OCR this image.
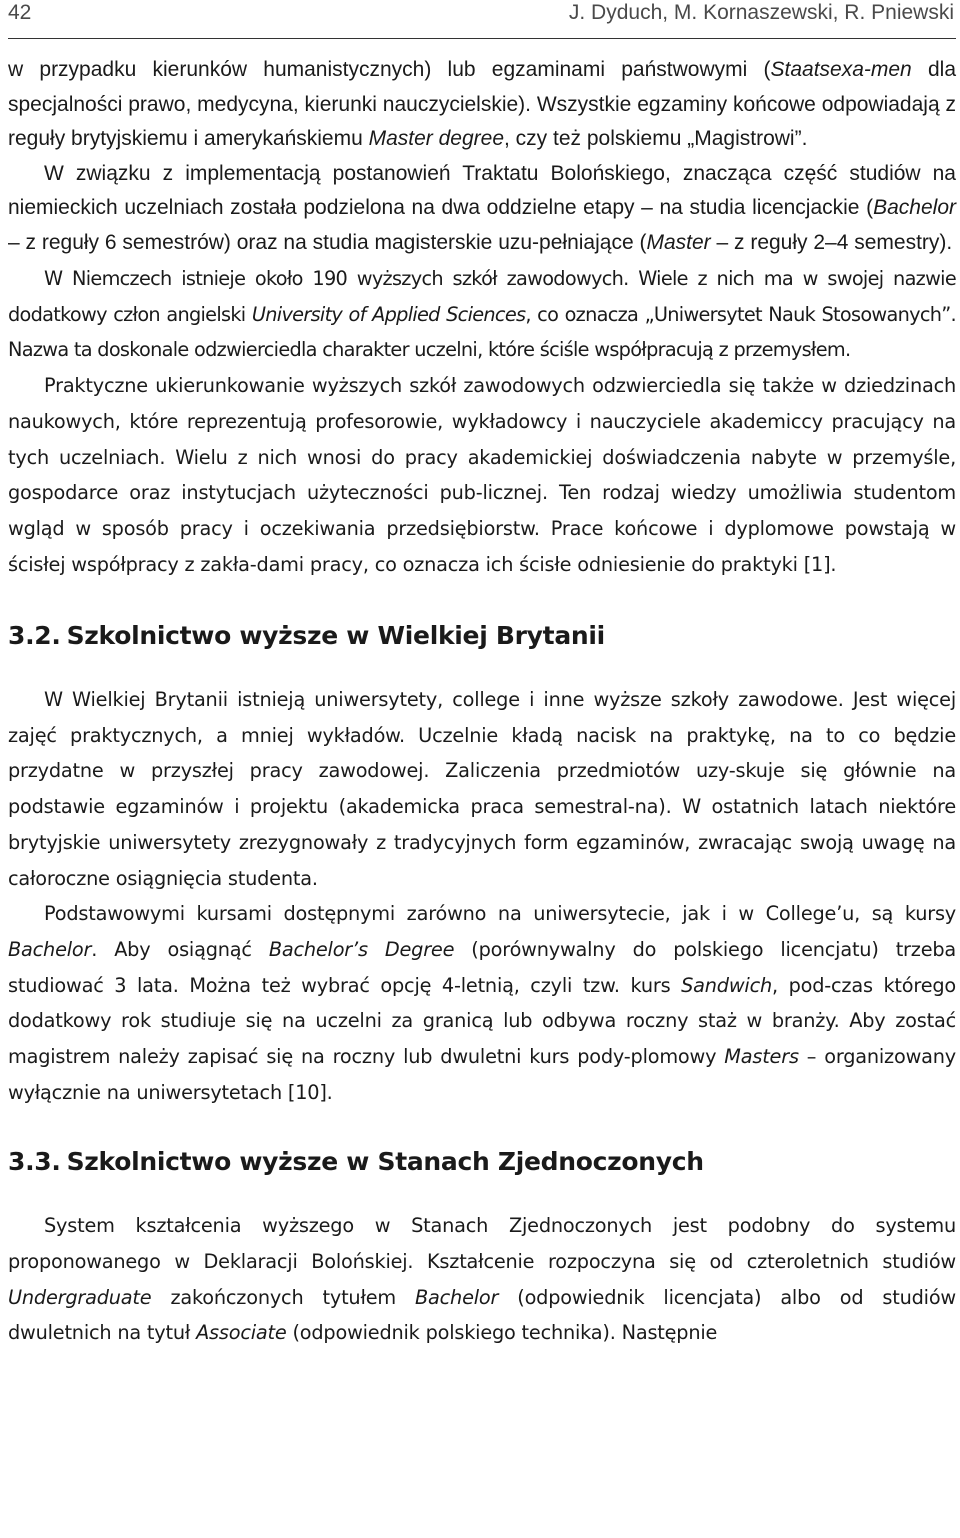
42	J. Dyduch, M. Kornaszewski, R. Pniewski

w przypadku kierunków humanistycznych) lub egzaminami państwowymi (Staatsexa-men dla specjalności prawo, medycyna, kierunki nauczycielskie). Wszystkie egzaminy końcowe odpowiadają z reguły brytyjskiemu i amerykańskiemu Master degree, czy też polskiemu „Magistrowi”.

W związku z implementacją postanowień Traktatu Bolońskiego, znacząca część studiów na niemieckich uczelniach została podzielona na dwa oddzielne etapy – na studia licencjackie (Bachelor – z reguły 6 semestrów) oraz na studia magisterskie uzu-pełniające (Master – z reguły 2–4 semestry).

W Niemczech istnieje około 190 wyższych szkół zawodowych. Wiele z nich ma w swojej nazwie dodatkowy człon angielski University of Applied Sciences, co oznacza „Uniwersytet Nauk Stosowanych”. Nazwa ta doskonale odzwierciedla charakter uczelni, które ściśle współpracują z przemysłem.

Praktyczne ukierunkowanie wyższych szkół zawodowych odzwierciedla się także w dziedzinach naukowych, które reprezentują profesorowie, wykładowcy i nauczyciele akademiccy pracujący na tych uczelniach. Wielu z nich wnosi do pracy akademickiej doświadczenia nabyte w przemyśle, gospodarce oraz instytucjach użyteczności pub-licznej. Ten rodzaj wiedzy umożliwia studentom wgląd w sposób pracy i oczekiwania przedsiębiorstw. Prace końcowe i dyplomowe powstają w ścisłej współpracy z zakła-dami pracy, co oznacza ich ścisłe odniesienie do praktyki [1].

3.2. Szkolnictwo wyższe w Wielkiej Brytanii

W Wielkiej Brytanii istnieją uniwersytety, college i inne wyższe szkoły zawodowe. Jest więcej zajęć praktycznych, a mniej wykładów. Uczelnie kładą nacisk na praktykę, na to co będzie przydatne w przyszłej pracy zawodowej. Zaliczenia przedmiotów uzy-skuje się głównie na podstawie egzaminów i projektu (akademicka praca semestral-na). W ostatnich latach niektóre brytyjskie uniwersytety zrezygnowały z tradycyjnych form egzaminów, zwracając swoją uwagę na całoroczne osiągnięcia studenta.

Podstawowymi kursami dostępnymi zarówno na uniwersytecie, jak i w College’u, są kursy Bachelor. Aby osiągnąć Bachelor’s Degree (porównywalny do polskiego licencjatu) trzeba studiować 3 lata. Można też wybrać opcję 4-letnią, czyli tzw. kurs Sandwich, pod-czas którego dodatkowy rok studiuje się na uczelni za granicą lub odbywa roczny staż w branży. Aby zostać magistrem należy zapisać się na roczny lub dwuletni kurs pody-plomowy Masters – organizowany wyłącznie na uniwersytetach [10].

3.3. Szkolnictwo wyższe w Stanach Zjednoczonych

System kształcenia wyższego w Stanach Zjednoczonych jest podobny do systemu proponowanego w Deklaracji Bolońskiej. Kształcenie rozpoczyna się od czteroletnich studiów Undergraduate zakończonych tytułem Bachelor (odpowiednik licencjata) albo od studiów dwuletnich na tytuł Associate (odpowiednik polskiego technika). Następnie
